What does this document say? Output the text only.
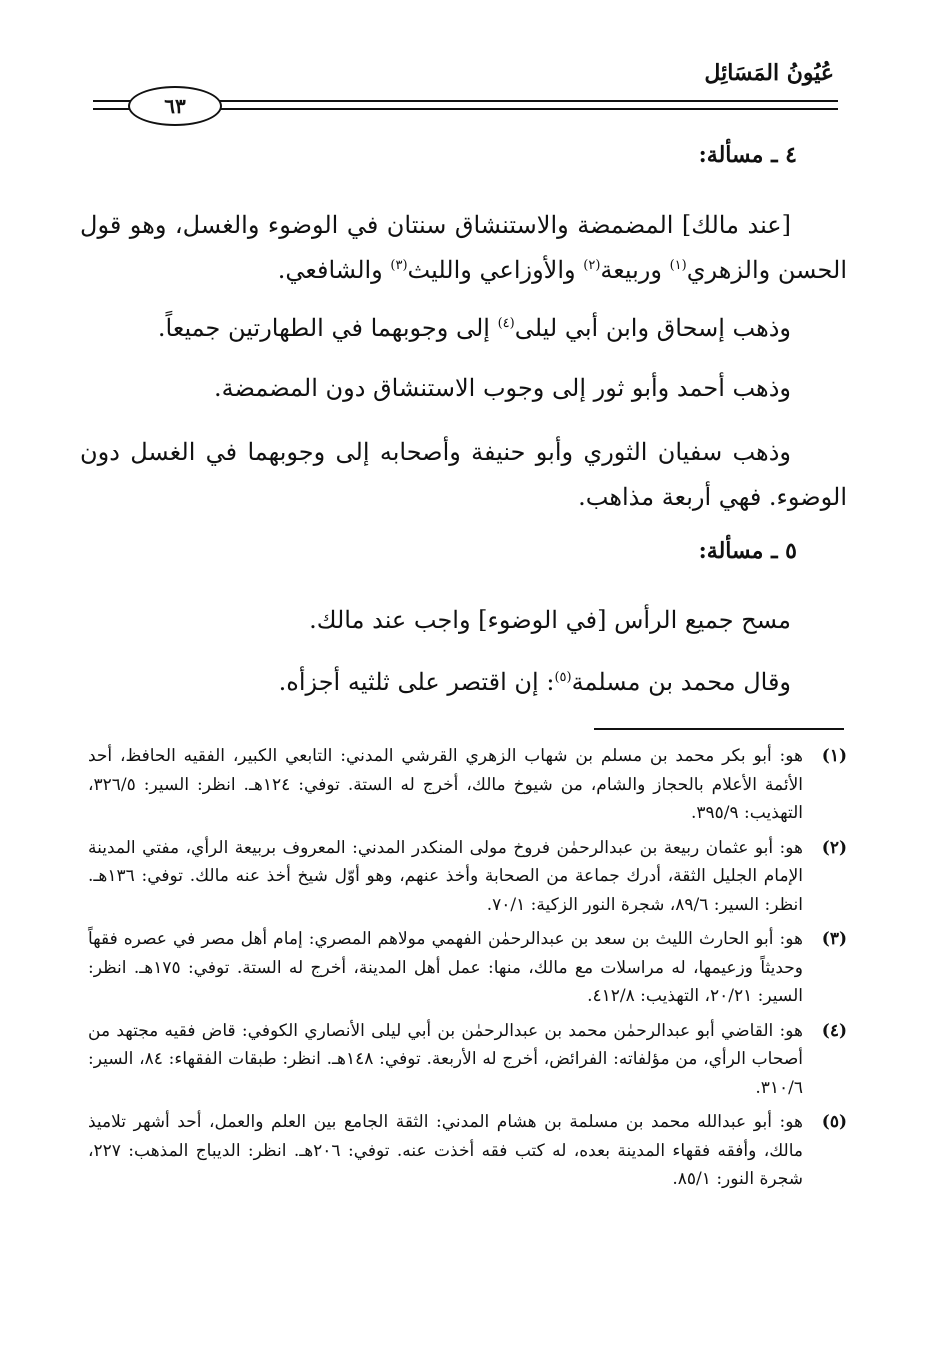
عُيُونُ المَسَائِل
٦٣
٤ ـ مسألة:

[عند مالك] المضمضة والاستنشاق سنتان في الوضوء والغسل، وهو قول الحسن والزهري$^{(١)}$ وربيعة$^{(٢)}$ والأوزاعي والليث$^{(٣)}$ والشافعي.

وذهب إسحاق وابن أبي ليلى$^{(٤)}$ إلى وجوبهما في الطهارتين جميعاً.

وذهب أحمد وأبو ثور إلى وجوب الاستنشاق دون المضمضة.

وذهب سفيان الثوري وأبو حنيفة وأصحابه إلى وجوبهما في الغسل دون الوضوء. فهي أربعة مذاهب.

٥ ـ مسألة:

مسح جميع الرأس [في الوضوء] واجب عند مالك.

وقال محمد بن مسلمة$^{(٥)}$: إن اقتصر على ثلثيه أجزأه.

(١)
هو: أبو بكر محمد بن مسلم بن شهاب الزهري القرشي المدني: التابعي الكبير، الفقيه الحافظ، أحد الأئمة الأعلام بالحجاز والشام، من شيوخ مالك، أخرج له الستة. توفي: ١٢٤هـ. انظر: السير: ٣٢٦/٥، التهذيب: ٣٩٥/٩.
(٢)
هو: أبو عثمان ربيعة بن عبدالرحمٰن فروخ مولى المنكدر المدني: المعروف بربيعة الرأي، مفتي المدينة الإمام الجليل الثقة، أدرك جماعة من الصحابة وأخذ عنهم، وهو أوّل شيخ أخذ عنه مالك. توفي: ١٣٦هـ. انظر: السير: ٨٩/٦، شجرة النور الزكية: ٧٠/١.
(٣)
هو: أبو الحارث الليث بن سعد بن عبدالرحمٰن الفهمي مولاهم المصري: إمام أهل مصر في عصره فقهاً وحديثاً وزعيمها، له مراسلات مع مالك، منها: عمل أهل المدينة، أخرج له الستة. توفي: ١٧٥هـ. انظر: السير: ٢٠/٢١، التهذيب: ٤١٢/٨.
(٤)
هو: القاضي أبو عبدالرحمٰن محمد بن عبدالرحمٰن بن أبي ليلى الأنصاري الكوفي: قاض فقيه مجتهد من أصحاب الرأي، من مؤلفاته: الفرائض، أخرج له الأربعة. توفي: ١٤٨هـ. انظر: طبقات الفقهاء: ٨٤، السير: ٣١٠/٦.
(٥)
هو: أبو عبدالله محمد بن مسلمة بن هشام المدني: الثقة الجامع بين العلم والعمل، أحد أشهر تلاميذ مالك، وأفقه فقهاء المدينة بعده، له كتب فقه أخذت عنه. توفي: ٢٠٦هـ. انظر: الديباج المذهب: ٢٢٧، شجرة النور: ٨٥/١.
